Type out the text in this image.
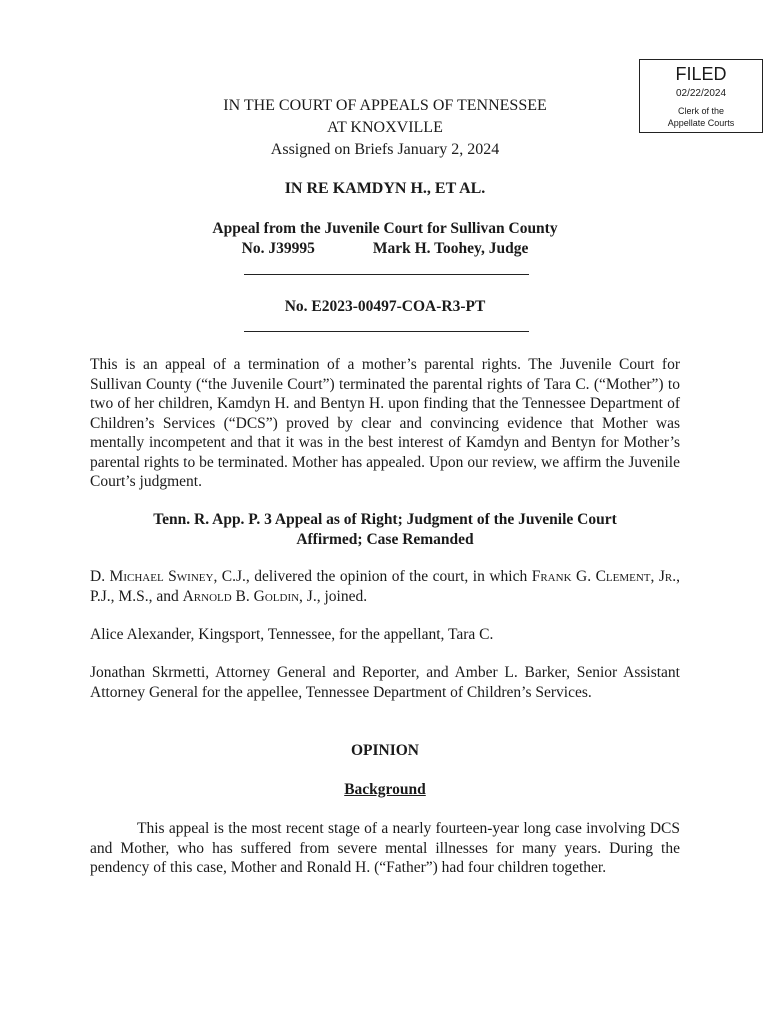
FILED
02/22/2024
Clerk of the
Appellate Courts
IN THE COURT OF APPEALS OF TENNESSEE
AT KNOXVILLE
Assigned on Briefs January 2, 2024
IN RE KAMDYN H., ET AL.
Appeal from the Juvenile Court for Sullivan County
No. J39995	Mark H. Toohey, Judge
No. E2023-00497-COA-R3-PT
This is an appeal of a termination of a mother’s parental rights. The Juvenile Court for Sullivan County (“the Juvenile Court”) terminated the parental rights of Tara C. (“Mother”) to two of her children, Kamdyn H. and Bentyn H. upon finding that the Tennessee Department of Children’s Services (“DCS”) proved by clear and convincing evidence that Mother was mentally incompetent and that it was in the best interest of Kamdyn and Bentyn for Mother’s parental rights to be terminated. Mother has appealed. Upon our review, we affirm the Juvenile Court’s judgment.
Tenn. R. App. P. 3 Appeal as of Right; Judgment of the Juvenile Court
Affirmed; Case Remanded
D. Michael Swiney, C.J., delivered the opinion of the court, in which Frank G. Clement, Jr., P.J., M.S., and Arnold B. Goldin, J., joined.
Alice Alexander, Kingsport, Tennessee, for the appellant, Tara C.
Jonathan Skrmetti, Attorney General and Reporter, and Amber L. Barker, Senior Assistant Attorney General for the appellee, Tennessee Department of Children’s Services.
OPINION
Background
This appeal is the most recent stage of a nearly fourteen-year long case involving DCS and Mother, who has suffered from severe mental illnesses for many years. During the pendency of this case, Mother and Ronald H. (“Father”) had four children together.
